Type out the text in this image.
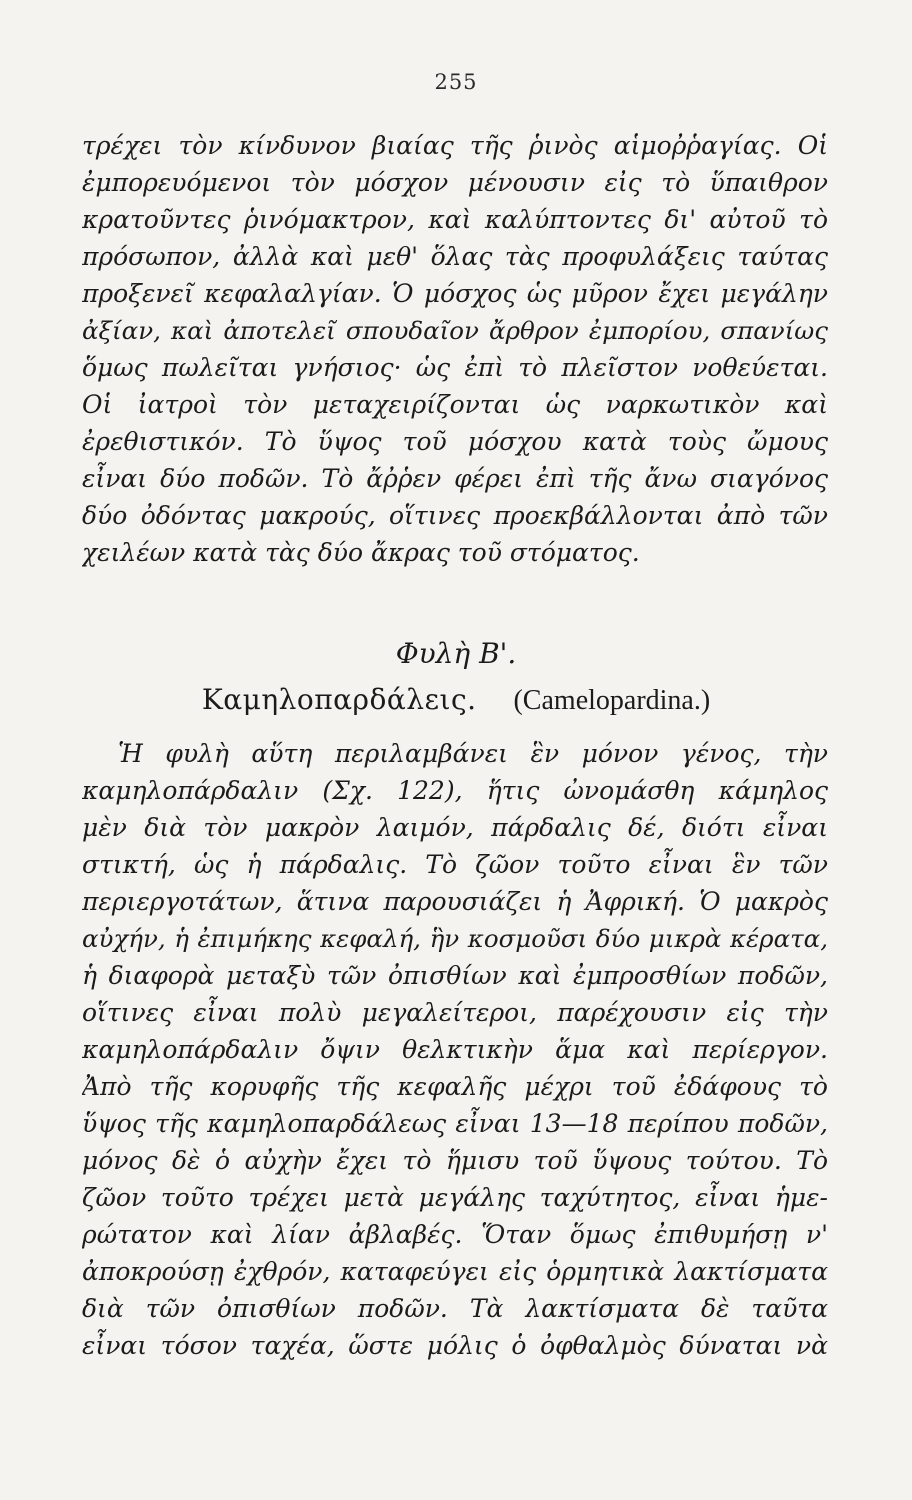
255
τρέχει τὸν κίνδυνον βιαίας τῆς ῥινὸς αἱμοῤῥαγίας. Οἱ
ἐμπορευόμενοι τὸν μόσχον μένουσιν εἰς τὸ ὕπαιθρον
κρατοῦντες ῥινόμακτρον, καὶ καλύπτοντες δι' αὐτοῦ τὸ
πρόσωπον, ἀλλὰ καὶ μεθ' ὅλας τὰς προφυλάξεις ταύτας
προξενεῖ κεφαλαλγίαν. Ὁ μόσχος ὡς μῦρον ἔχει μεγάλην
ἀξίαν, καὶ ἀποτελεῖ σπουδαῖον ἄρθρον ἐμπορίου, σπανίως
ὅμως πωλεῖται γνήσιος· ὡς ἐπὶ τὸ πλεῖστον νοθεύεται.
Οἱ ἰατροὶ τὸν μεταχειρίζονται ὡς ναρκωτικὸν καὶ
ἐρεθιστικόν. Τὸ ὕψος τοῦ μόσχου κατὰ τοὺς ὤμους
εἶναι δύο ποδῶν. Τὸ ἄῤῥεν φέρει ἐπὶ τῆς ἄνω σιαγόνος
δύο ὀδόντας μακρούς, οἵτινες προεκβάλλονται ἀπὸ τῶν
χειλέων κατὰ τὰς δύο ἄκρας τοῦ στόματος.
Φυλὴ Β'.
Καμηλοπαρδάλεις. (Camelopardina.)
Ἡ φυλὴ αὕτη περιλαμβάνει ἓν μόνον γένος, τὴν
καμηλοπάρδαλιν (Σχ. 122), ἥτις ὠνομάσθη κάμηλος
μὲν διὰ τὸν μακρὸν λαιμόν, πάρδαλις δέ, διότι εἶναι
στικτή, ὡς ἡ πάρδαλις. Τὸ ζῶον τοῦτο εἶναι ἓν τῶν
περιεργοτάτων, ἅτινα παρουσιάζει ἡ Ἀφρική. Ὁ μακρὸς
αὐχήν, ἡ ἐπιμήκης κεφαλή, ἣν κοσμοῦσι δύο μικρὰ κέρατα,
ἡ διαφορὰ μεταξὺ τῶν ὀπισθίων καὶ ἐμπροσθίων ποδῶν,
οἵτινες εἶναι πολὺ μεγαλείτεροι, παρέχουσιν εἰς τὴν
καμηλοπάρδαλιν ὄψιν θελκτικὴν ἅμα καὶ περίεργον.
Ἀπὸ τῆς κορυφῆς τῆς κεφαλῆς μέχρι τοῦ ἐδάφους τὸ
ὕψος τῆς καμηλοπαρδάλεως εἶναι 13—18 περίπου ποδῶν,
μόνος δὲ ὁ αὐχὴν ἔχει τὸ ἥμισυ τοῦ ὕψους τούτου. Τὸ
ζῶον τοῦτο τρέχει μετὰ μεγάλης ταχύτητος, εἶναι ἡμε-
ρώτατον καὶ λίαν ἀβλαβές. Ὅταν ὅμως ἐπιθυμήσῃ ν'
ἀποκρούσῃ ἐχθρόν, καταφεύγει εἰς ὁρμητικὰ λακτίσματα
διὰ τῶν ὀπισθίων ποδῶν. Τὰ λακτίσματα δὲ ταῦτα
εἶναι τόσον ταχέα, ὥστε μόλις ὁ ὀφθαλμὸς δύναται νὰ
